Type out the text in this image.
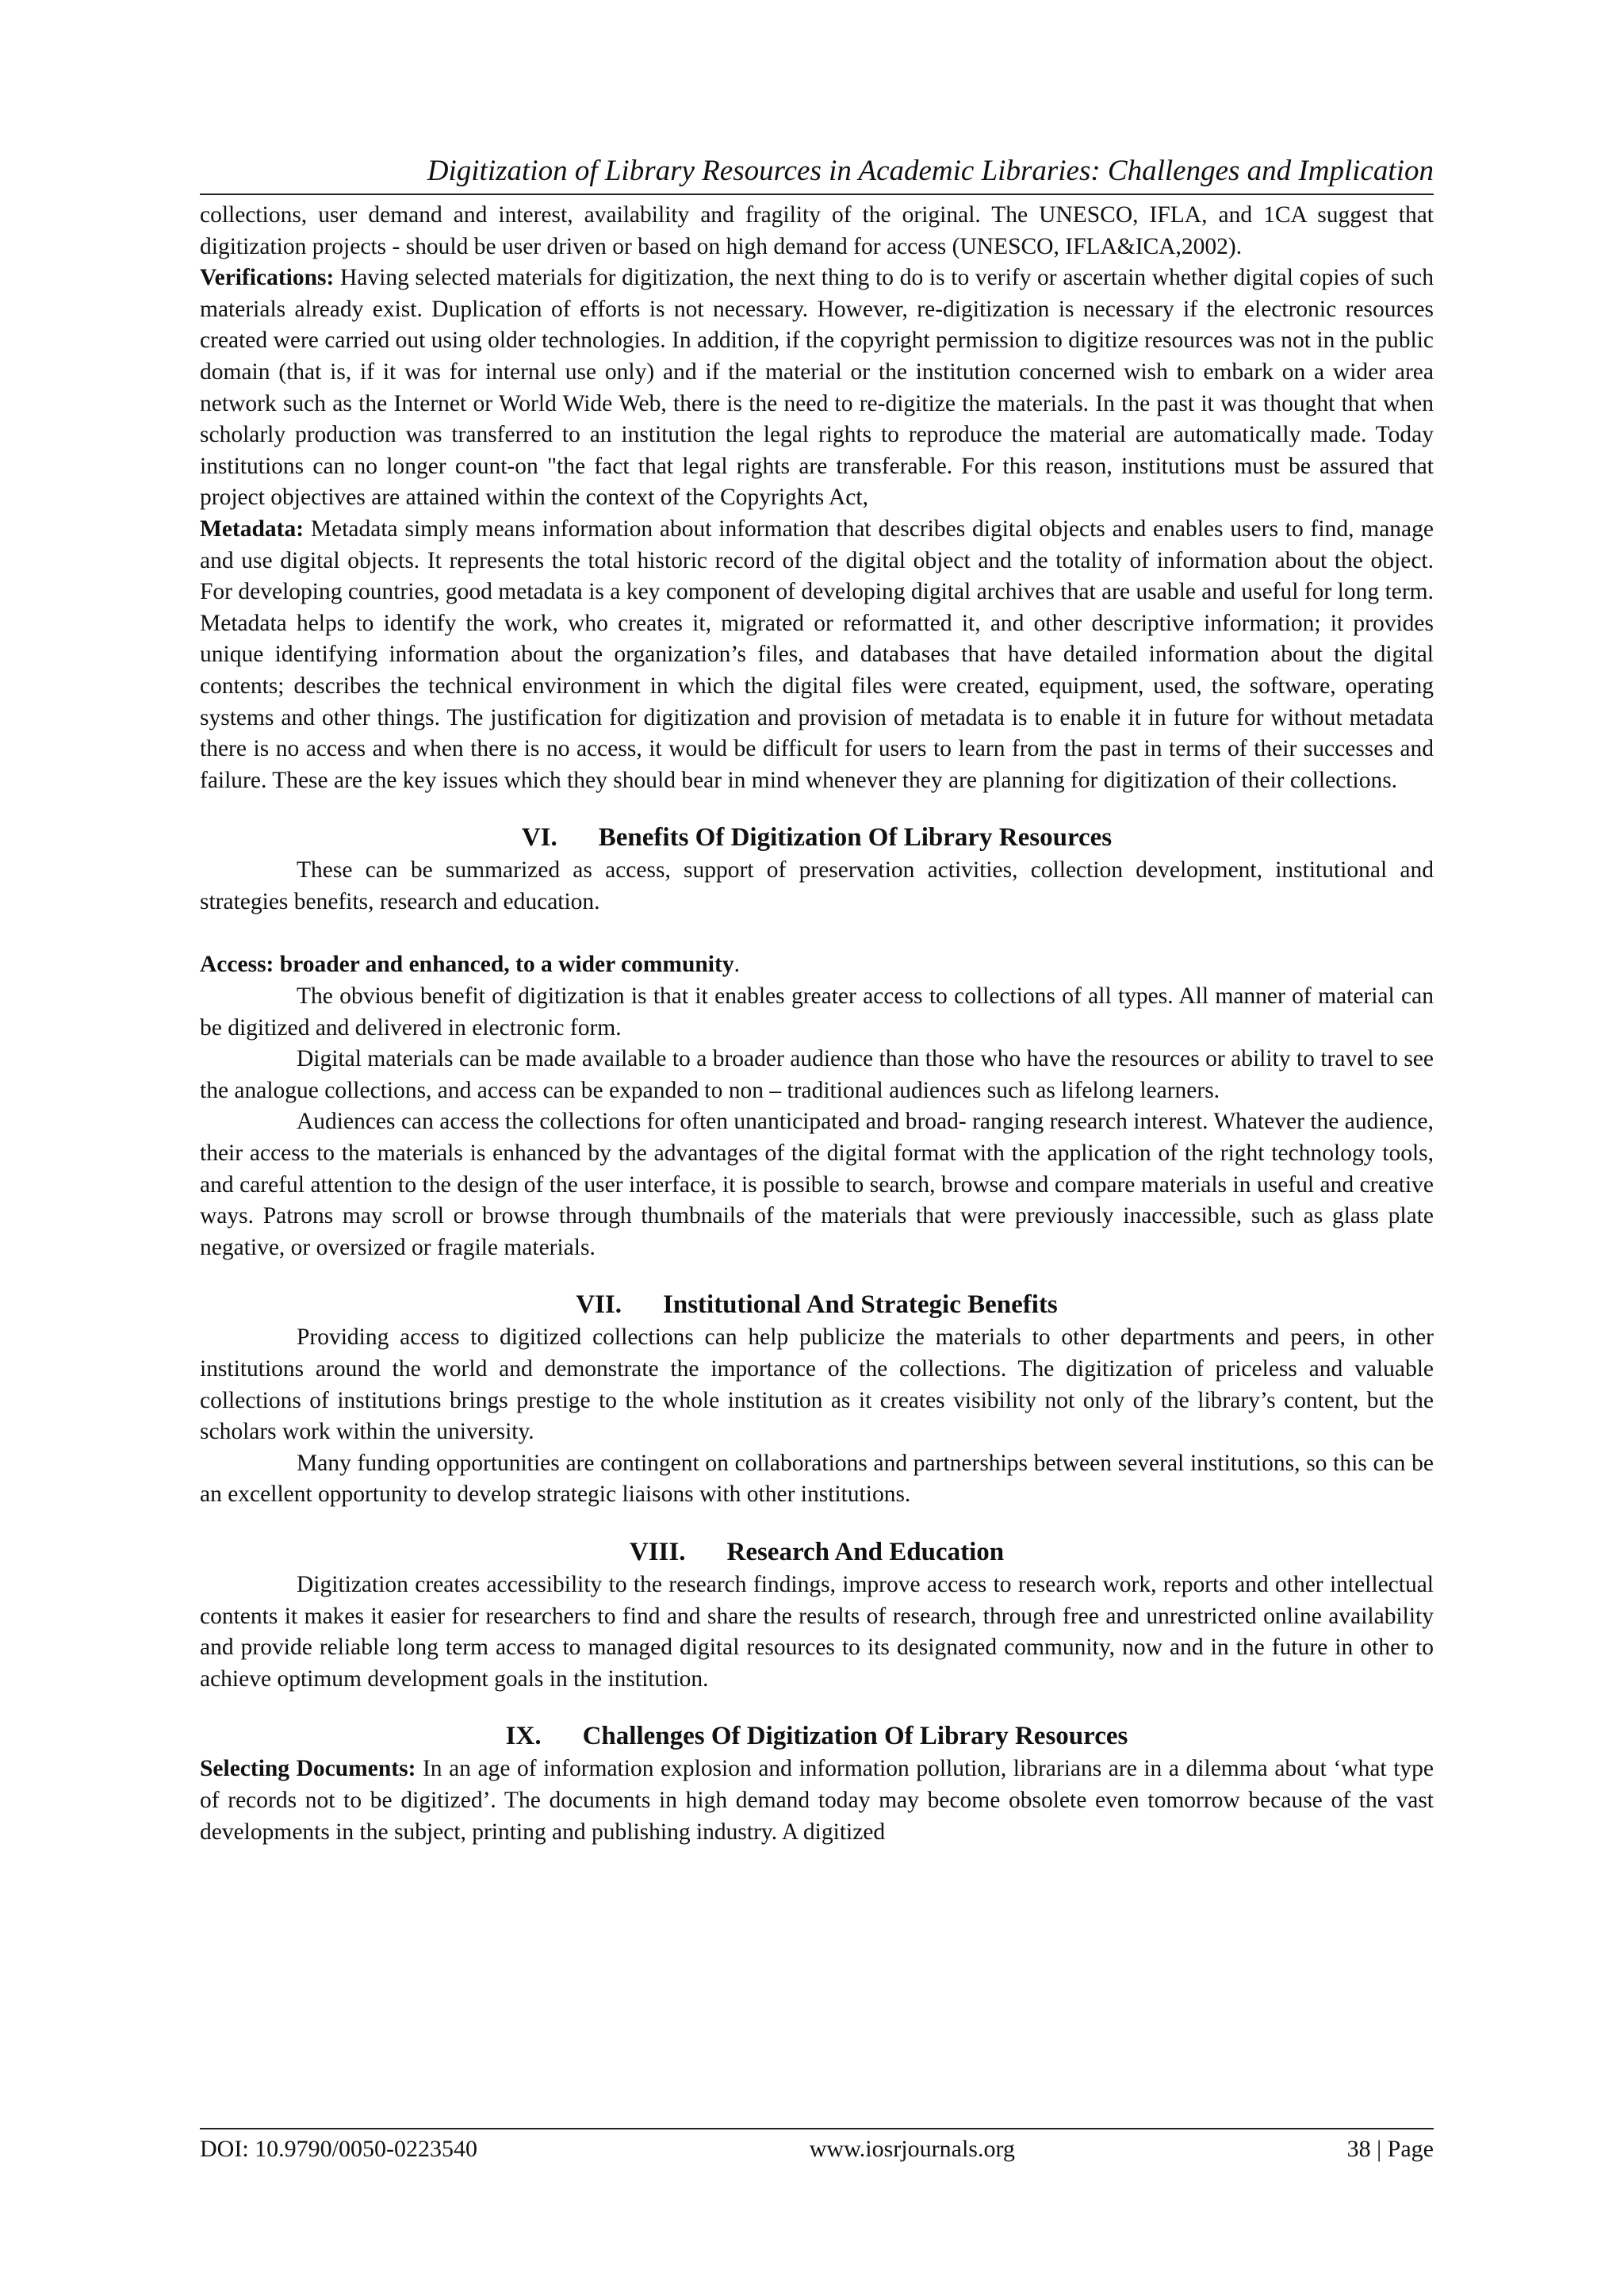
Digitization of Library Resources in Academic Libraries: Challenges and Implication

collections, user demand and interest, availability and fragility of the original. The UNESCO, IFLA, and 1CA suggest that digitization projects - should be user driven or based on high demand for access (UNESCO, IFLA&ICA,2002).

Verifications: Having selected materials for digitization, the next thing to do is to verify or ascertain whether digital copies of such materials already exist. Duplication of efforts is not necessary. However, re-digitization is necessary if the electronic resources created were carried out using older technologies. In addition, if the copyright permission to digitize resources was not in the public domain (that is, if it was for internal use only) and if the material or the institution concerned wish to embark on a wider area network such as the Internet or World Wide Web, there is the need to re-digitize the materials. In the past it was thought that when scholarly production was transferred to an institution the legal rights to reproduce the material are automatically made. Today institutions can no longer count-on "the fact that legal rights are transferable. For this reason, institutions must be assured that project objectives are attained within the context of the Copyrights Act,

Metadata: Metadata simply means information about information that describes digital objects and enables users to find, manage and use digital objects. It represents the total historic record of the digital object and the totality of information about the object. For developing countries, good metadata is a key component of developing digital archives that are usable and useful for long term. Metadata helps to identify the work, who creates it, migrated or reformatted it, and other descriptive information; it provides unique identifying information about the organization’s files, and databases that have detailed information about the digital contents; describes the technical environment in which the digital files were created, equipment, used, the software, operating systems and other things. The justification for digitization and provision of metadata is to enable it in future for without metadata there is no access and when there is no access, it would be difficult for users to learn from the past in terms of their successes and failure. These are the key issues which they should bear in mind whenever they are planning for digitization of their collections.

VI. Benefits Of Digitization Of Library Resources

These can be summarized as access, support of preservation activities, collection development, institutional and strategies benefits, research and education.

Access: broader and enhanced, to a wider community.

The obvious benefit of digitization is that it enables greater access to collections of all types. All manner of material can be digitized and delivered in electronic form.

Digital materials can be made available to a broader audience than those who have the resources or ability to travel to see the analogue collections, and access can be expanded to non – traditional audiences such as lifelong learners.

Audiences can access the collections for often unanticipated and broad- ranging research interest. Whatever the audience, their access to the materials is enhanced by the advantages of the digital format with the application of the right technology tools, and careful attention to the design of the user interface, it is possible to search, browse and compare materials in useful and creative ways. Patrons may scroll or browse through thumbnails of the materials that were previously inaccessible, such as glass plate negative, or oversized or fragile materials.

VII. Institutional And Strategic Benefits

Providing access to digitized collections can help publicize the materials to other departments and peers, in other institutions around the world and demonstrate the importance of the collections. The digitization of priceless and valuable collections of institutions brings prestige to the whole institution as it creates visibility not only of the library’s content, but the scholars work within the university.

Many funding opportunities are contingent on collaborations and partnerships between several institutions, so this can be an excellent opportunity to develop strategic liaisons with other institutions.

VIII. Research And Education

Digitization creates accessibility to the research findings, improve access to research work, reports and other intellectual contents it makes it easier for researchers to find and share the results of research, through free and unrestricted online availability and provide reliable long term access to managed digital resources to its designated community, now and in the future in other to achieve optimum development goals in the institution.

IX. Challenges Of Digitization Of Library Resources

Selecting Documents: In an age of information explosion and information pollution, librarians are in a dilemma about ‘what type of records not to be digitized’. The documents in high demand today may become obsolete even tomorrow because of the vast developments in the subject, printing and publishing industry. A digitized

DOI: 10.9790/0050-0223540	www.iosrjournals.org	38 | Page
